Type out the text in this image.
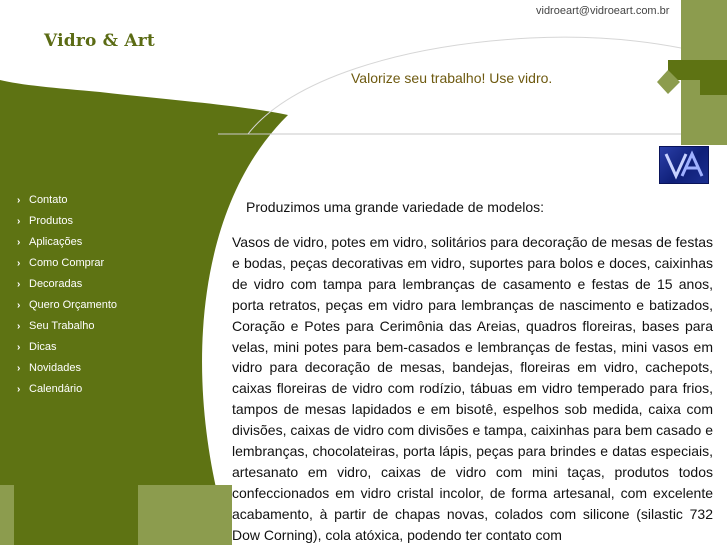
Vidro & Art
vidroeart@vidroeart.com.br
Valorize seu trabalho! Use vidro.
› Contato
› Produtos
› Aplicações
› Como Comprar
› Decoradas
› Quero Orçamento
› Seu Trabalho
› Dicas
› Novidades
› Calendário

Produzimos uma grande variedade de modelos:

Vasos de vidro, potes em vidro, solitários para decoração de mesas de festas e bodas, peças decorativas em vidro, suportes para bolos e doces, caixinhas de vidro com tampa para lembranças de casamento e festas de 15 anos, porta retratos, peças em vidro para lembranças de nascimento e batizados, Coração e Potes para Cerimônia das Areias, quadros floreiras, bases para velas, mini potes para bem-casados e lembranças de festas, mini vasos em vidro para decoração de mesas, bandejas, floreiras em vidro, cachepots, caixas floreiras de vidro com rodízio, tábuas em vidro temperado para frios, tampos de mesas lapidados e em bisotê, espelhos sob medida, caixa com divisões, caixas de vidro com divisões e tampa, caixinhas para bem casado e lembranças, chocolateiras, porta lápis, peças para brindes e datas especiais, artesanato em vidro, caixas de vidro com mini taças, produtos todos confeccionados em vidro cristal incolor, de forma artesanal, com excelente acabamento, à partir de chapas novas, colados com silicone (silastic 732 Dow Corning), cola atóxica, podendo ter contato com
